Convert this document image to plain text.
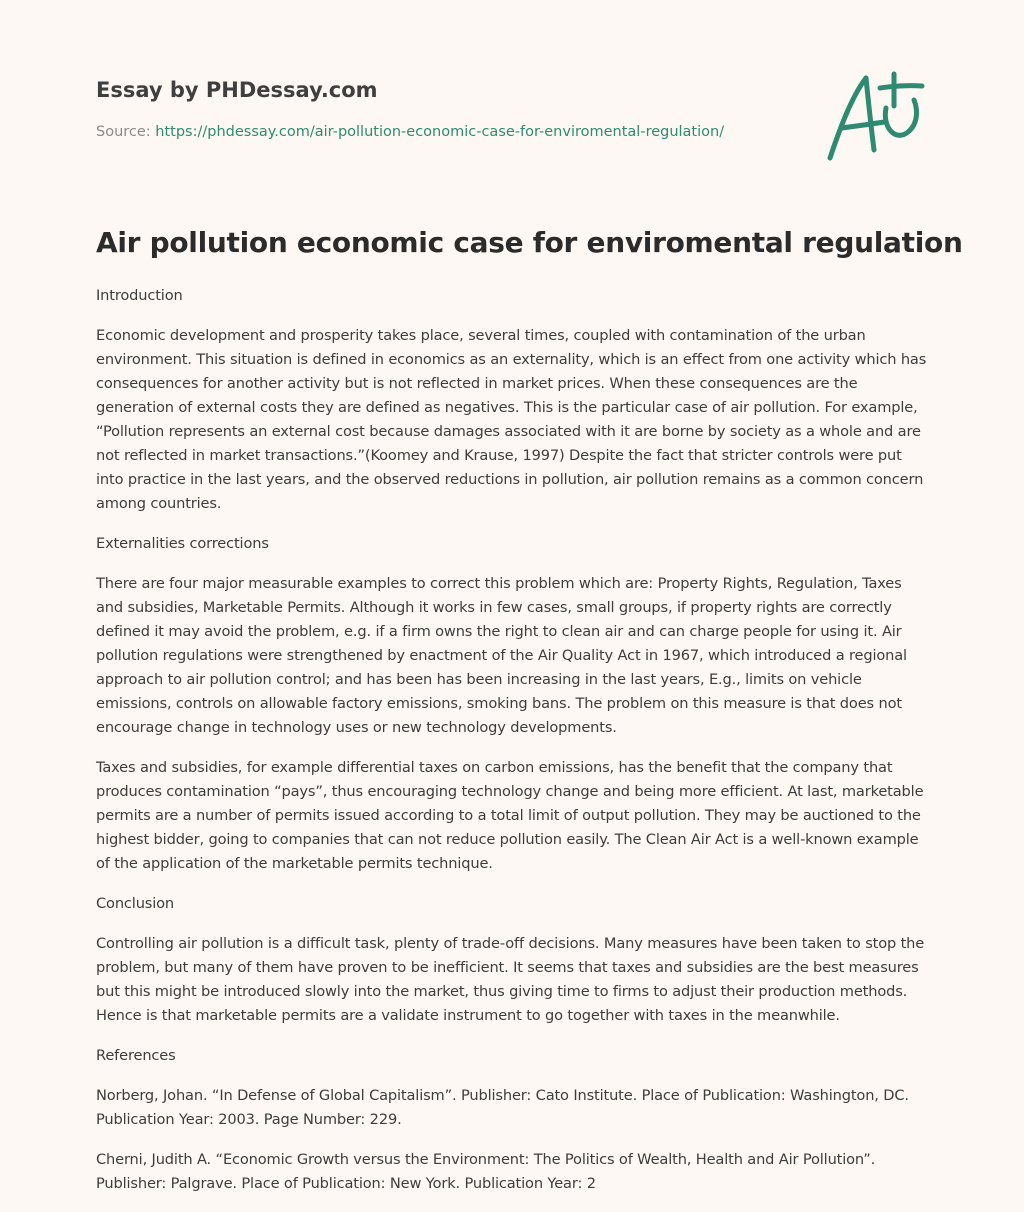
Essay by PHDessay.com
Source: https://phdessay.com/air-pollution-economic-case-for-enviromental-regulation/
Air pollution economic case for enviromental regulation

Introduction

Economic development and prosperity takes place, several times, coupled with contamination of the urban environment. This situation is defined in economics as an externality, which is an effect from one activity which has consequences for another activity but is not reflected in market prices. When these consequences are the generation of external costs they are defined as negatives. This is the particular case of air pollution. For example, “Pollution represents an external cost because damages associated with it are borne by society as a whole and are not reflected in market transactions.”(Koomey and Krause, 1997) Despite the fact that stricter controls were put into practice in the last years, and the observed reductions in pollution, air pollution remains as a common concern among countries.

Externalities corrections

There are four major measurable examples to correct this problem which are: Property Rights, Regulation, Taxes and subsidies, Marketable Permits. Although it works in few cases, small groups, if property rights are correctly defined it may avoid the problem, e.g. if a firm owns the right to clean air and can charge people for using it. Air pollution regulations were strengthened by enactment of the Air Quality Act in 1967, which introduced a regional approach to air pollution control; and has been has been increasing in the last years, E.g., limits on vehicle emissions, controls on allowable factory emissions, smoking bans. The problem on this measure is that does not encourage change in technology uses or new technology developments.

Taxes and subsidies, for example differential taxes on carbon emissions, has the benefit that the company that produces contamination “pays”, thus encouraging technology change and being more efficient. At last, marketable permits are a number of permits issued according to a total limit of output pollution. They may be auctioned to the highest bidder, going to companies that can not reduce pollution easily. The Clean Air Act is a well-known example of the application of the marketable permits technique.

Conclusion

Controlling air pollution is a difficult task, plenty of trade-off decisions. Many measures have been taken to stop the problem, but many of them have proven to be inefficient. It seems that taxes and subsidies are the best measures but this might be introduced slowly into the market, thus giving time to firms to adjust their production methods. Hence is that marketable permits are a validate instrument to go together with taxes in the meanwhile.

References

Norberg, Johan. “In Defense of Global Capitalism”. Publisher: Cato Institute. Place of Publication: Washington, DC. Publication Year: 2003. Page Number: 229.

Cherni, Judith A. “Economic Growth versus the Environment: The Politics of Wealth, Health and Air Pollution”. Publisher: Palgrave. Place of Publication: New York. Publication Year: 2
